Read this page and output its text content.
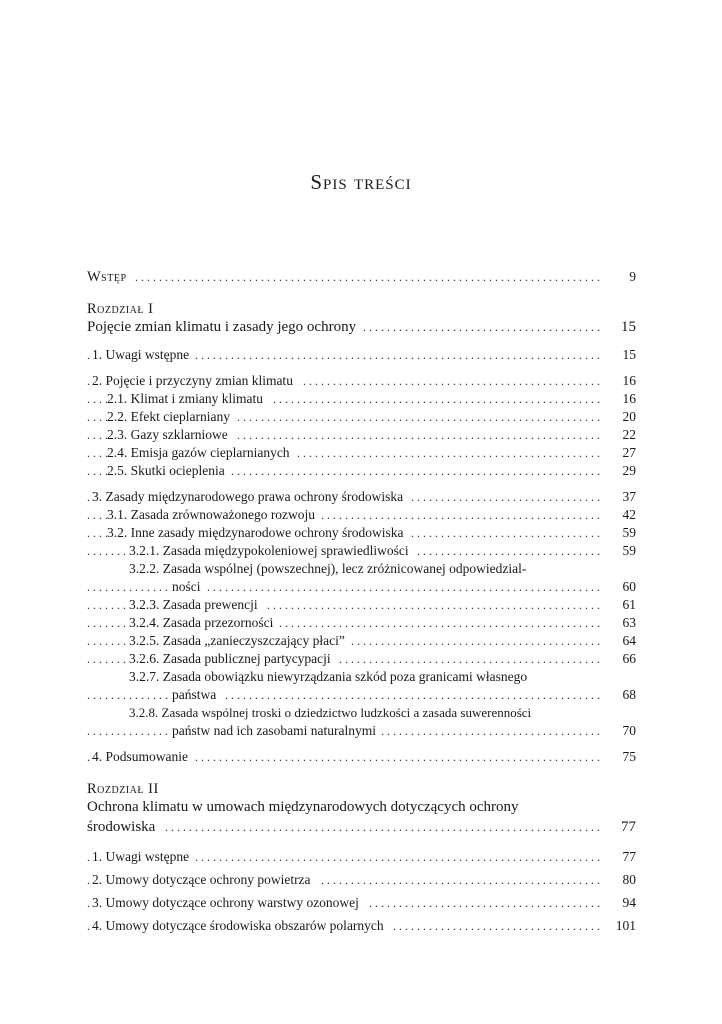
Spis treści
Wstęp	9
. . .
Rozdział I
Pojęcie zmian klimatu i zasady jego ochrony	15
. . .
1. Uwagi wstępne	15
. . .
2. Pojęcie i przyczyny zmian klimatu	16
. . .
2.1. Klimat i zmiany klimatu	16
. . .
2.2. Efekt cieplarniany	20
. . .
2.3. Gazy szklarniowe	22
. . .
2.4. Emisja gazów cieplarnianych	27
. . .
2.5. Skutki ocieplenia	29
. . .
3. Zasady międzynarodowego prawa ochrony środowiska	37
. . .
3.1. Zasada zrównoważonego rozwoju	42
. . .
3.2. Inne zasady międzynarodowe ochrony środowiska	59
. . .
3.2.1. Zasada międzypokoleniowej sprawiedliwości	59
. . .
3.2.2. Zasada wspólnej (powszechnej), lecz zróżnicowanej odpowiedzial-
ności	60
. . .
3.2.3. Zasada prewencji	61
. . .
3.2.4. Zasada przezorności	63
. . .
3.2.5. Zasada „zanieczyszczający płaci”	64
. . .
3.2.6. Zasada publicznej partycypacji	66
. . .
3.2.7. Zasada obowiązku niewyrządzania szkód poza granicami własnego
państwa	68
. . .
3.2.8. Zasada wspólnej troski o dziedzictwo ludzkości a zasada suwerenności
państw nad ich zasobami naturalnymi	70
. . .
4. Podsumowanie	75
. . .
Rozdział II
Ochrona klimatu w umowach międzynarodowych dotyczących ochrony
środowiska	77
. . .
1. Uwagi wstępne	77
. . .
2. Umowy dotyczące ochrony powietrza	80
. . .
3. Umowy dotyczące ochrony warstwy ozonowej	94
. . .
4. Umowy dotyczące środowiska obszarów polarnych	101
. . .
